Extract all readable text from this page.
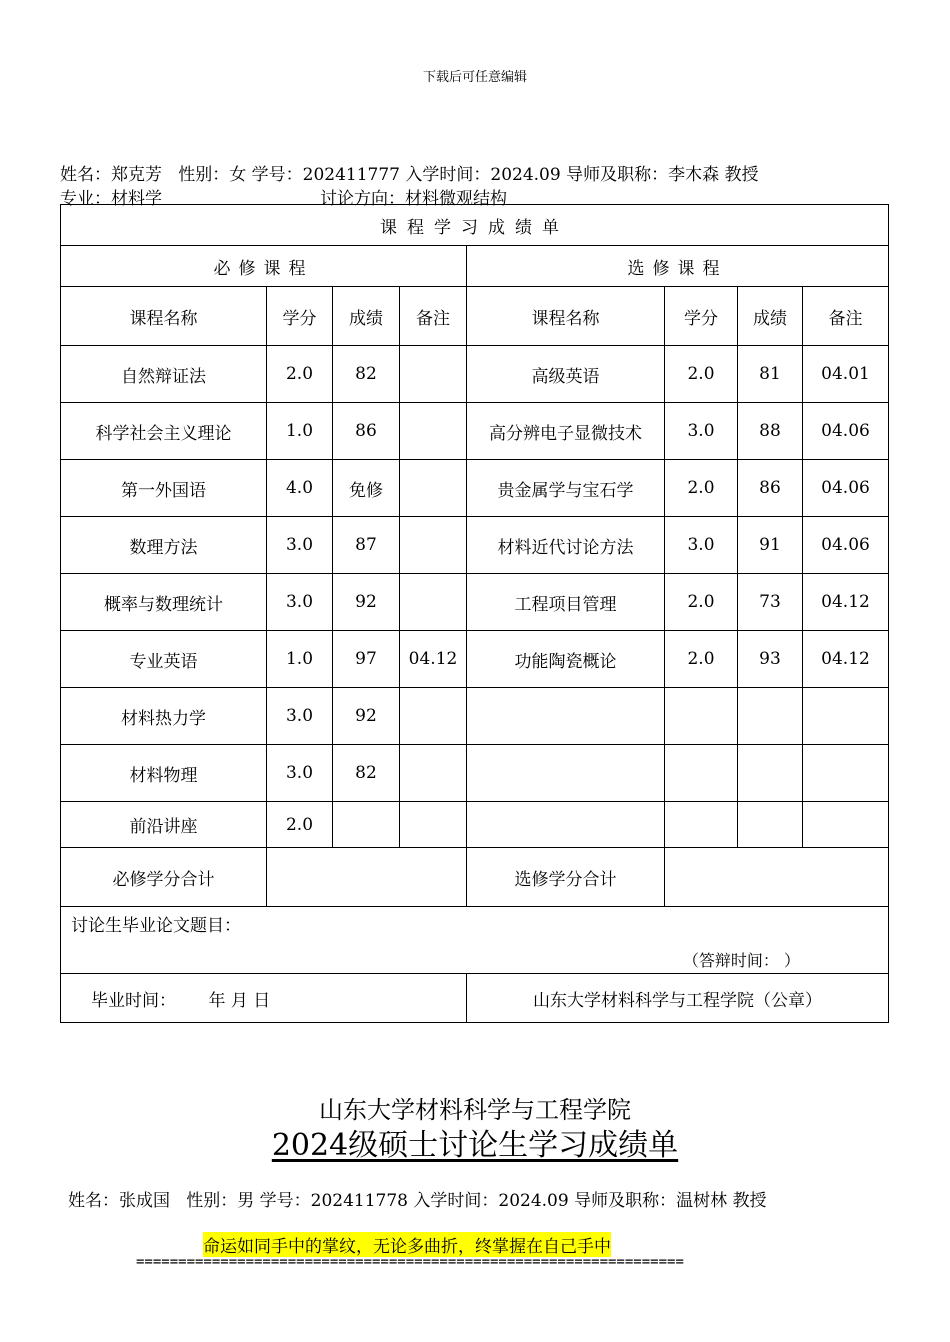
下载后可任意编辑
姓名：郑克芳 性别：女 学号：202411777 入学时间：2024.09 导师及职称：李木森 教授
专业：材料学	讨论方向：材料微观结构
课程学习成绩单							
必修课程				选修课程			
课程名称	学分	成绩	备注	课程名称	学分	成绩	备注
自然辩证法	2.0	82		高级英语	2.0	81	04.01
科学社会主义理论	1.0	86		高分辨电子显微技术	3.0	88	04.06
第一外国语	4.0	免修		贵金属学与宝石学	2.0	86	04.06
数理方法	3.0	87		材料近代讨论方法	3.0	91	04.06
概率与数理统计	3.0	92		工程项目管理	2.0	73	04.12
专业英语	1.0	97	04.12	功能陶瓷概论	2.0	93	04.12
材料热力学	3.0	92					
材料物理	3.0	82					
前沿讲座	2.0						
必修学分合计				选修学分合计			

讨论生毕业论文题目：
（答辩时间： ）							

毕业时间： 年 月 日				山东大学材料科学与工程学院（公章）			
山东大学材料科学与工程学院
2024级硕士讨论生学习成绩单
姓名：张成国 性别：男 学号：202411778 入学时间：2024.09 导师及职称：温树林 教授
命运如同手中的掌纹，无论多曲折，终掌握在自己手中
=================================================================
